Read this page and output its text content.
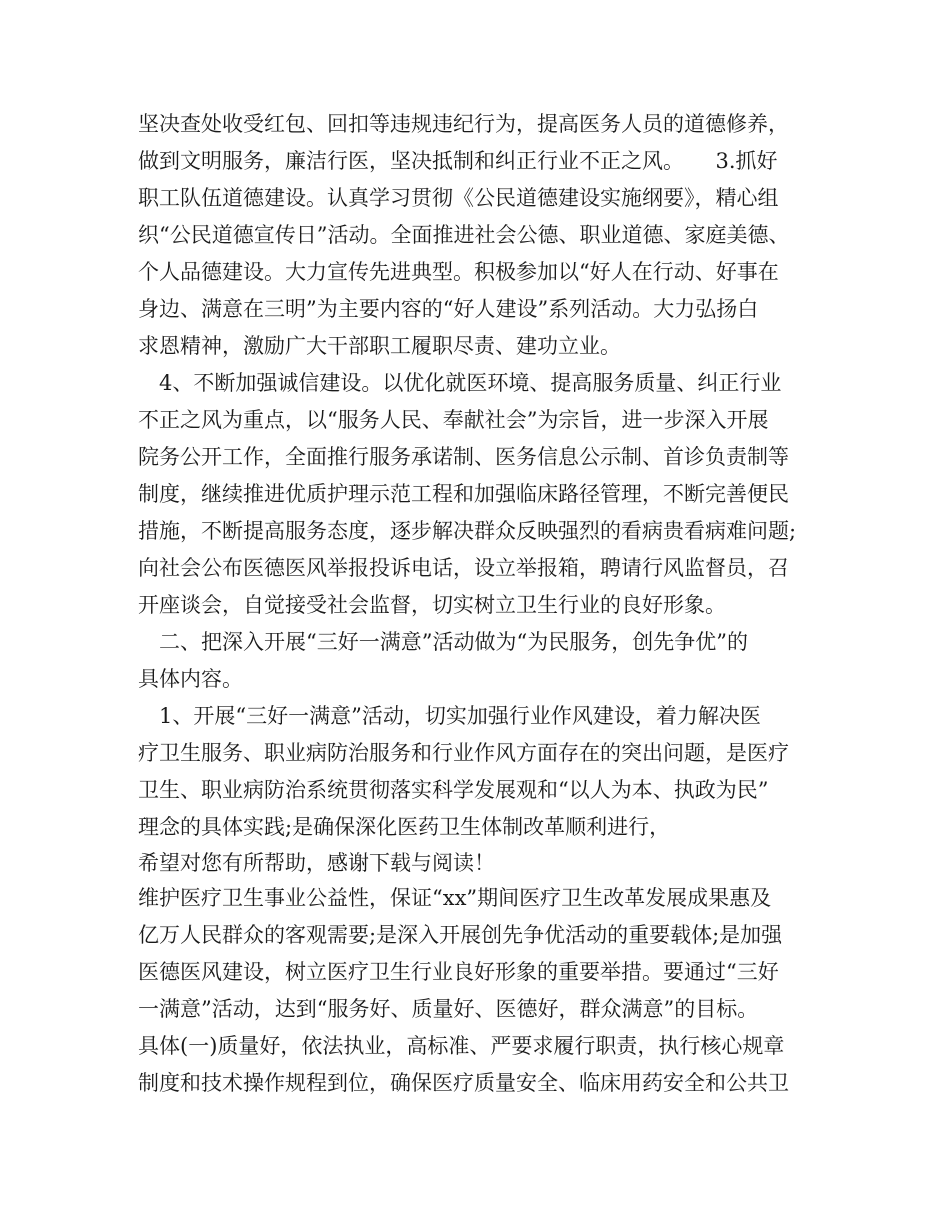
坚决查处收受红包、回扣等违规违纪行为，提高医务人员的道德修养，
做到文明服务，廉洁行医，坚决抵制和纠正行业不正之风。　　3.抓好
职工队伍道德建设。认真学习贯彻《公民道德建设实施纲要》，精心组
织“公民道德宣传日”活动。全面推进社会公德、职业道德、家庭美德、
个人品德建设。大力宣传先进典型。积极参加以“好人在行动、好事在
身边、满意在三明”为主要内容的“好人建设”系列活动。大力弘扬白
求恩精神，激励广大干部职工履职尽责、建功立业。
　4、不断加强诚信建设。以优化就医环境、提高服务质量、纠正行业
不正之风为重点，以“服务人民、奉献社会”为宗旨，进一步深入开展
院务公开工作，全面推行服务承诺制、医务信息公示制、首诊负责制等
制度，继续推进优质护理示范工程和加强临床路径管理，不断完善便民
措施，不断提高服务态度，逐步解决群众反映强烈的看病贵看病难问题;
向社会公布医德医风举报投诉电话，设立举报箱，聘请行风监督员，召
开座谈会，自觉接受社会监督，切实树立卫生行业的良好形象。
　二、把深入开展“三好一满意”活动做为“为民服务，创先争优”的
具体内容。
　1、开展“三好一满意”活动，切实加强行业作风建设，着力解决医
疗卫生服务、职业病防治服务和行业作风方面存在的突出问题，是医疗
卫生、职业病防治系统贯彻落实科学发展观和“以人为本、执政为民”
理念的具体实践;是确保深化医药卫生体制改革顺利进行，
希望对您有所帮助，感谢下载与阅读！
维护医疗卫生事业公益性，保证“xx”期间医疗卫生改革发展成果惠及
亿万人民群众的客观需要;是深入开展创先争优活动的重要载体;是加强
医德医风建设，树立医疗卫生行业良好形象的重要举措。要通过“三好
一满意”活动，达到“服务好、质量好、医德好，群众满意”的目标。
具体(一)质量好，依法执业，高标准、严要求履行职责，执行核心规章
制度和技术操作规程到位，确保医疗质量安全、临床用药安全和公共卫
